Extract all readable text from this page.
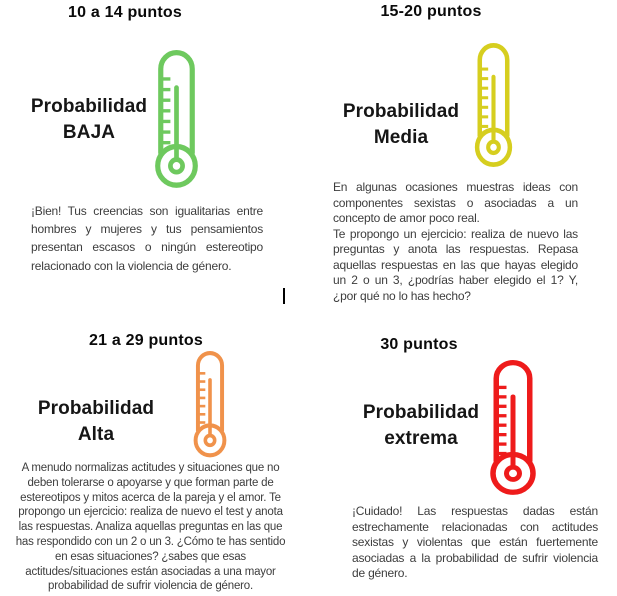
10 a 14 puntos
Probabilidad
BAJA
¡Bien! Tus creencias son igualitarias entre hombres y mujeres y tus pensamientos presentan escasos o ningún estereotipo relacionado con la violencia de género.
15-20 puntos
Probabilidad
Media

En algunas ocasiones muestras ideas con componentes sexistas o asociadas a un concepto de amor poco real.

Te propongo un ejercicio: realiza de nuevo las preguntas y anota las respuestas. Repasa aquellas respuestas en las que hayas elegido un 2 o un 3, ¿podrías haber elegido el 1? Y, ¿por qué no lo has hecho?

21 a 29 puntos
Probabilidad
Alta
A menudo normalizas actitudes y situaciones que no deben tolerarse o apoyarse y que forman parte de estereotipos y mitos acerca de la pareja y el amor. Te propongo un ejercicio: realiza de nuevo el test y anota las respuestas. Analiza aquellas preguntas en las que has respondido con un 2 o un 3. ¿Cómo te has sentido en esas situaciones? ¿sabes que esas actitudes/situaciones están asociadas a una mayor probabilidad de sufrir violencia de género.
30 puntos
Probabilidad
extrema
¡Cuidado! Las respuestas dadas están estrechamente relacionadas con actitudes sexistas y violentas que están fuertemente asociadas a la probabilidad de sufrir violencia de género.
